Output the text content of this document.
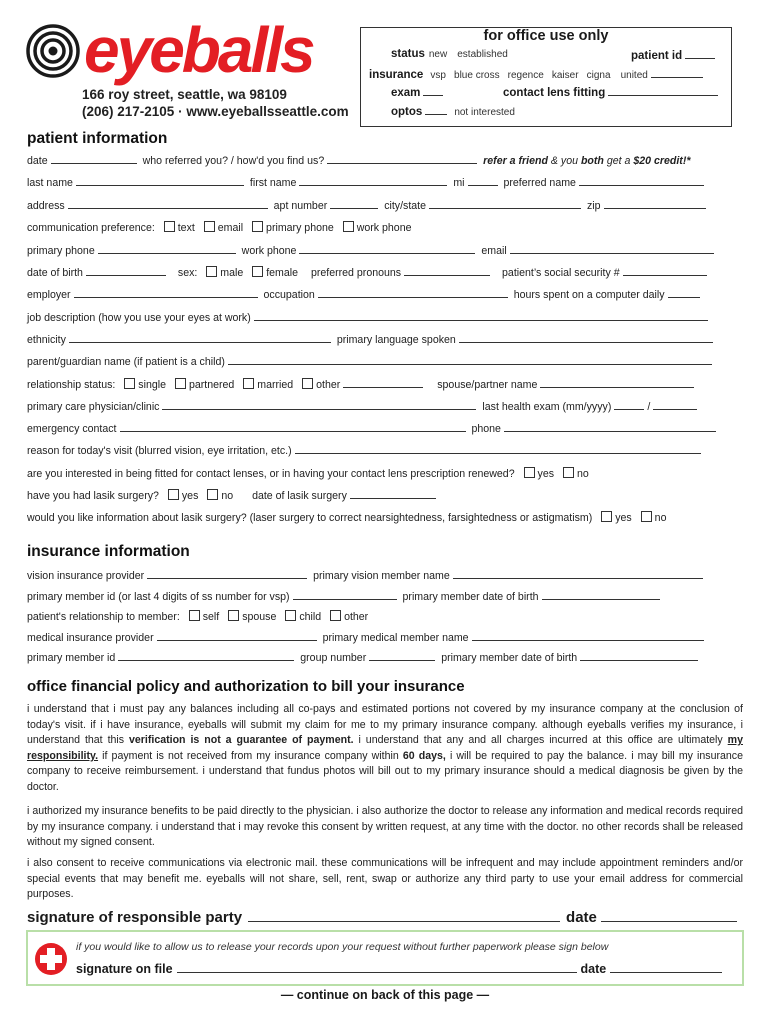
eyeballs
166 roy street, seattle, wa 98109
(206) 217-2105 · www.eyeballsseattle.com
for office use only
status new established	patient id
insurance vsp blue cross regence kaiser cigna united
exam	contact lens fitting
optos	not interested
patient information
date	who referred you? / how'd you find us?	refer a friend & you both get a $20 credit!*
last name	first name	mi	preferred name
address	apt number	city/state	zip
communication preference: text email primary phone work phone
primary phone	work phone	email
date of birth	sex: male female preferred pronouns	patient’s social security #
employer	occupation	hours spent on a computer daily
job description (how you use your eyes at work)
ethnicity	primary language spoken
parent/guardian name (if patient is a child)
relationship status: single partnered married other	spouse/partner name
primary care physician/clinic	last health exam (mm/yyyy)	/
emergency contact	phone
reason for today's visit (blurred vision, eye irritation, etc.)
are you interested in being fitted for contact lenses, or in having your contact lens prescription renewed? yes no
have you had lasik surgery? yes no date of lasik surgery
would you like information about lasik surgery? (laser surgery to correct nearsightedness, farsightedness or astigmatism) yes no
insurance information
vision insurance provider	primary vision member name
primary member id (or last 4 digits of ss number for vsp)	primary member date of birth
patient's relationship to member: self spouse child other
medical insurance provider	primary medical member name
primary member id	group number	primary member date of birth
office financial policy and authorization to bill your insurance
i understand that i must pay any balances including all co-pays and estimated portions not covered by my insurance company at the conclusion of today's visit. if i have insurance, eyeballs will submit my claim for me to my primary insurance company. although eyeballs verifies my insurance, i understand that this verification is not a guarantee of payment. i understand that any and all charges incurred at this office are ultimately my responsibility. if payment is not received from my insurance company within 60 days, i will be required to pay the balance. i may bill my insurance company to receive reimbursement. i understand that fundus photos will bill out to my primary insurance should a medical diagnosis be given by the doctor.
i authorized my insurance benefits to be paid directly to the physician. i also authorize the doctor to release any information and medical records required by my insurance company. i understand that i may revoke this consent by written request, at any time with the doctor. no other records shall be released without my signed consent.
i also consent to receive communications via electronic mail. these communications will be infrequent and may include appointment reminders and/or special events that may benefit me. eyeballs will not share, sell, rent, swap or authorize any third party to use your email address for commercial purposes.
signature of responsible party	date
if you would like to allow us to release your records upon your request without further paperwork please sign below
signature on file	date
— continue on back of this page —
